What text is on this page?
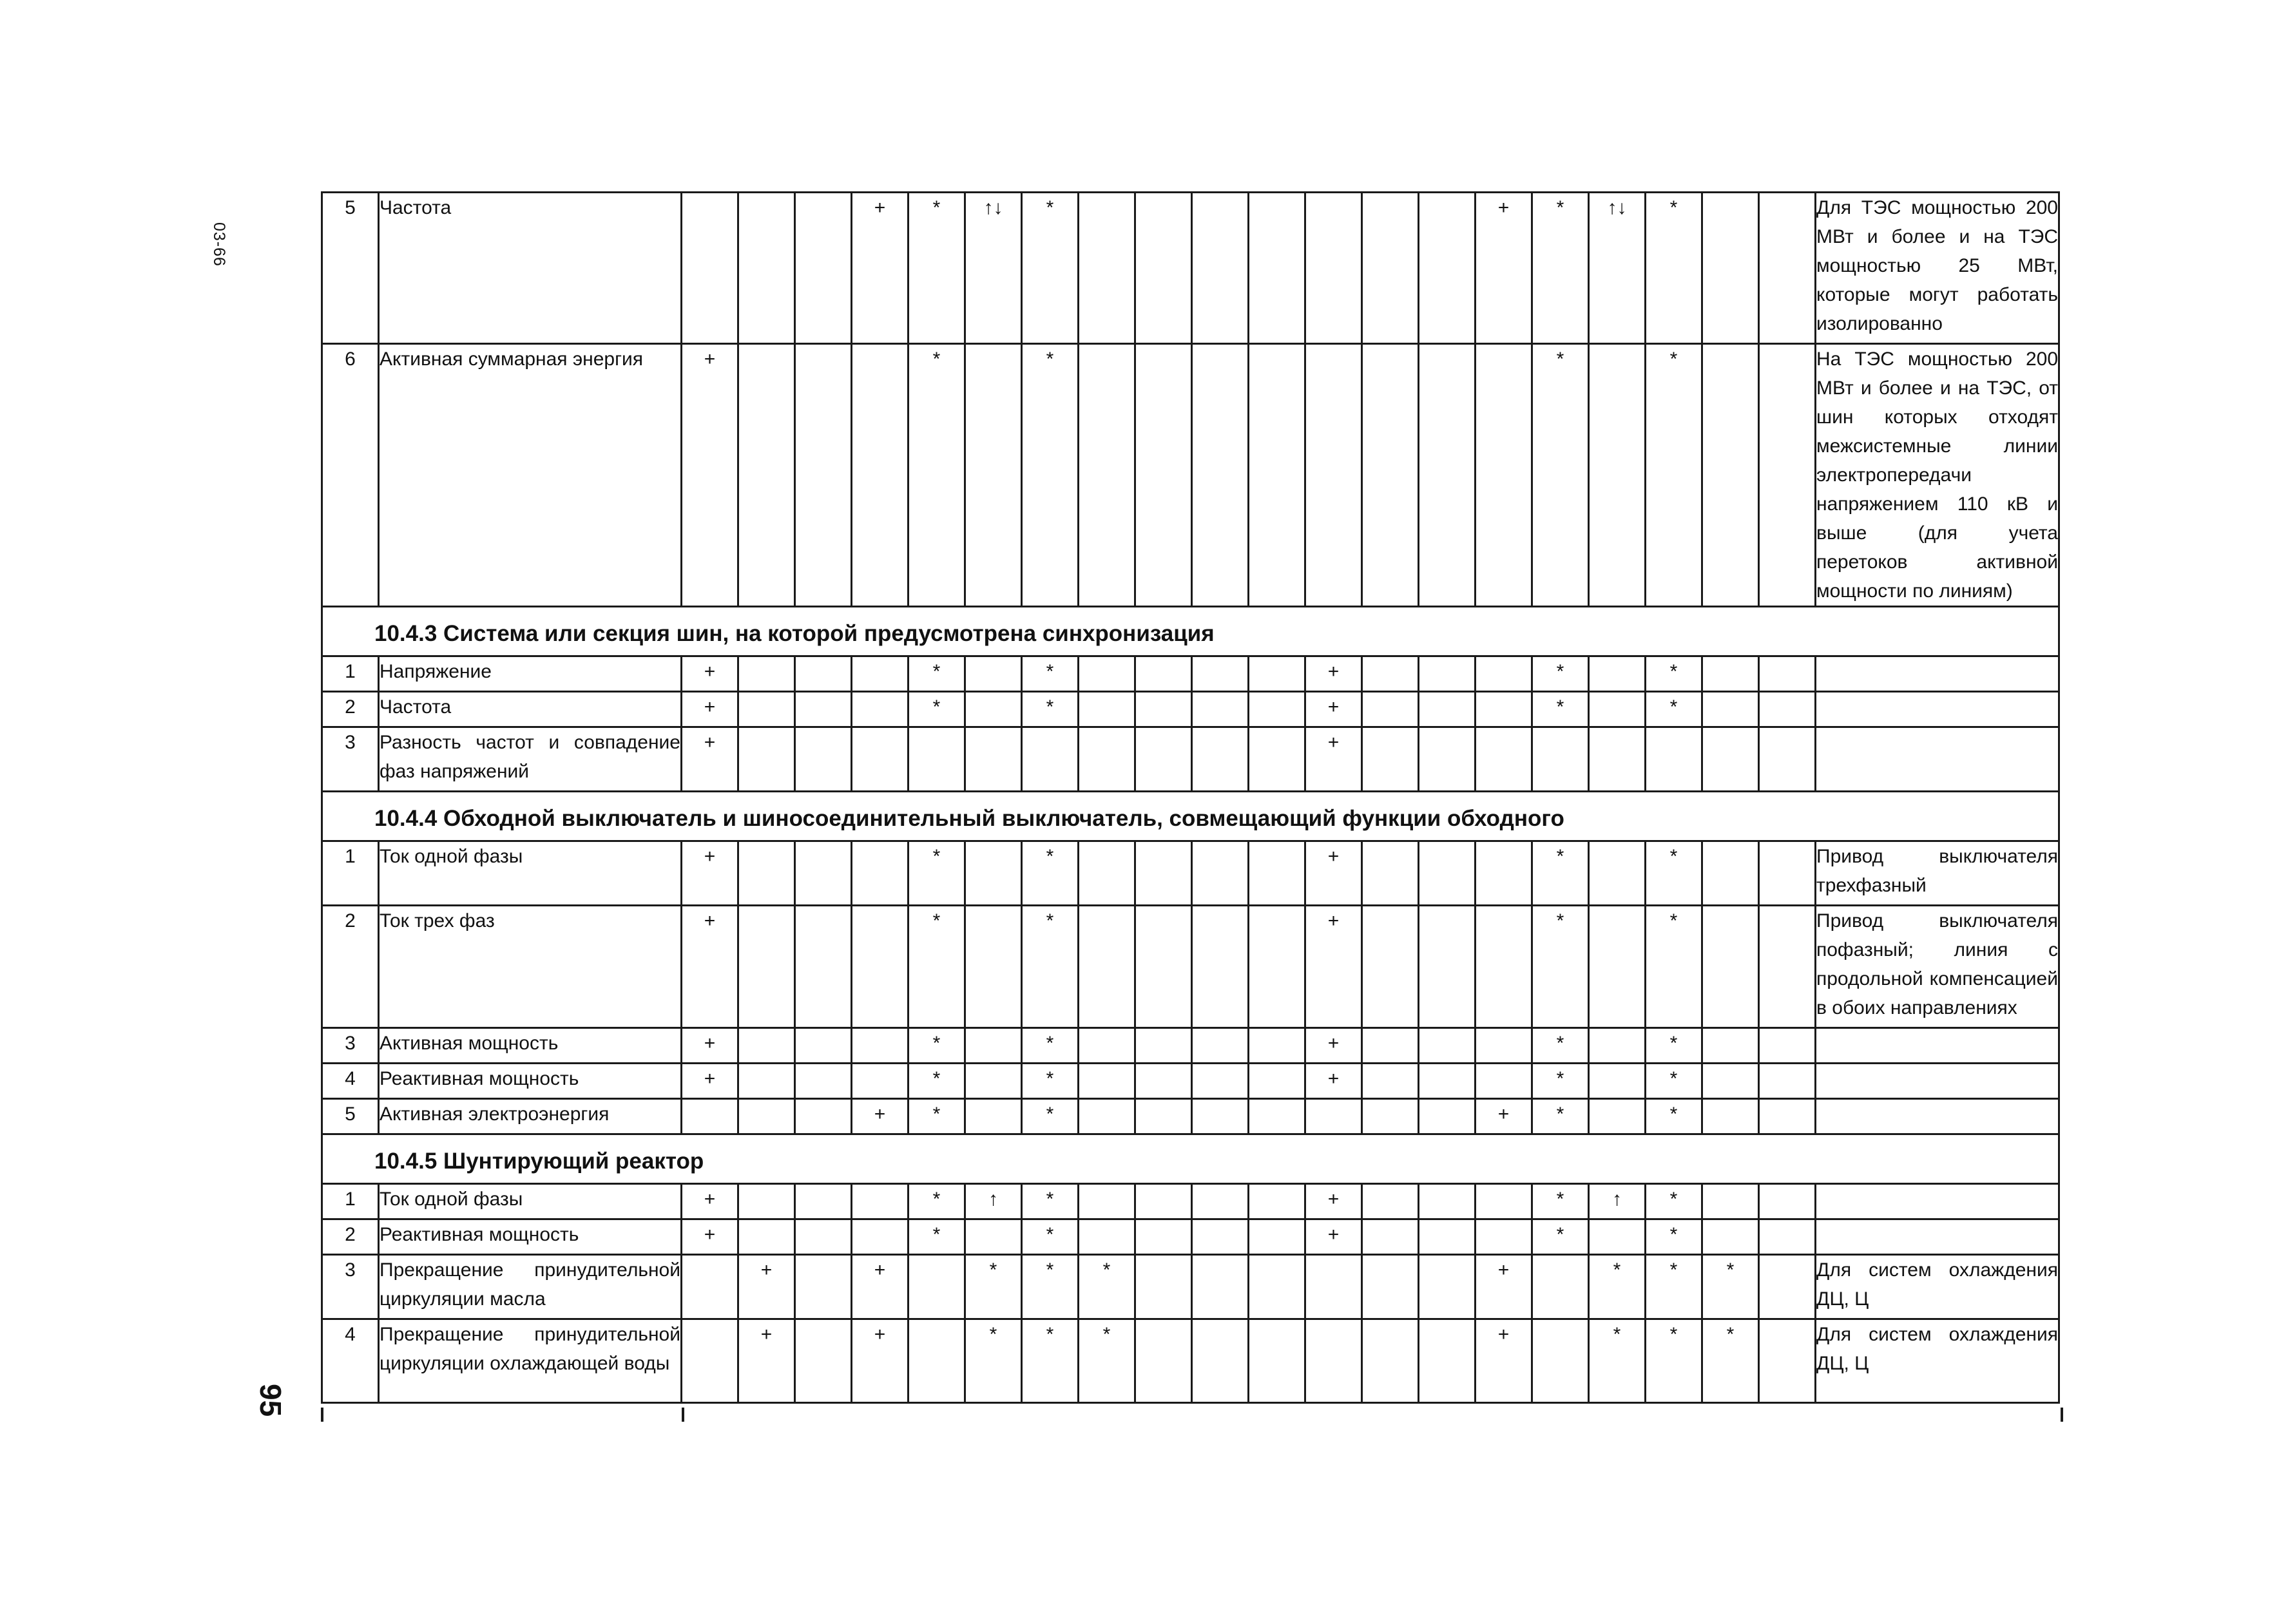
03-66
95
5	Частота				+	*	↑↓	*								+	*	↑↓	*			Для ТЭС мощностью 200 МВт и более и на ТЭС мощностью 25 МВт, которые могут работать изолированно
6	Активная суммарная энергия	+				*		*									*		*			На ТЭС мощностью 200 МВт и более и на ТЭС, от шин которых отходят межсистемные линии электропередачи напряжением 110 кВ и выше (для учета перетоков активной мощности по линиям)
10.4.3 Система или секция шин, на которой предусмотрена синхронизация																						
1	Напряжение	+				*		*					+				*		*			
2	Частота	+				*		*					+				*		*			
3	Разность частот и совпадение фаз напряжений	+											+									
10.4.4 Обходной выключатель и шиносоединительный выключатель, совмещающий функции обходного																						
1	Ток одной фазы	+				*		*					+				*		*			Привод выключателя трехфазный
2	Ток трех фаз	+				*		*					+				*		*			Привод выключателя пофазный; линия с продольной компенсацией в обоих направлениях
3	Активная мощность	+				*		*					+				*		*			
4	Реактивная мощность	+				*		*					+				*		*			
5	Активная электроэнергия				+	*		*								+	*		*			
10.4.5 Шунтирующий реактор																						
1	Ток одной фазы	+				*	↑	*					+				*	↑	*			
2	Реактивная мощность	+				*		*					+				*		*			
3	Прекращение принудительной циркуляции масла		+		+		*	*	*							+		*	*	*		Для систем охлаждения ДЦ, Ц
4	Прекращение принудительной циркуляции охлаждающей воды		+		+		*	*	*							+		*	*	*		Для систем охлаждения ДЦ, Ц
